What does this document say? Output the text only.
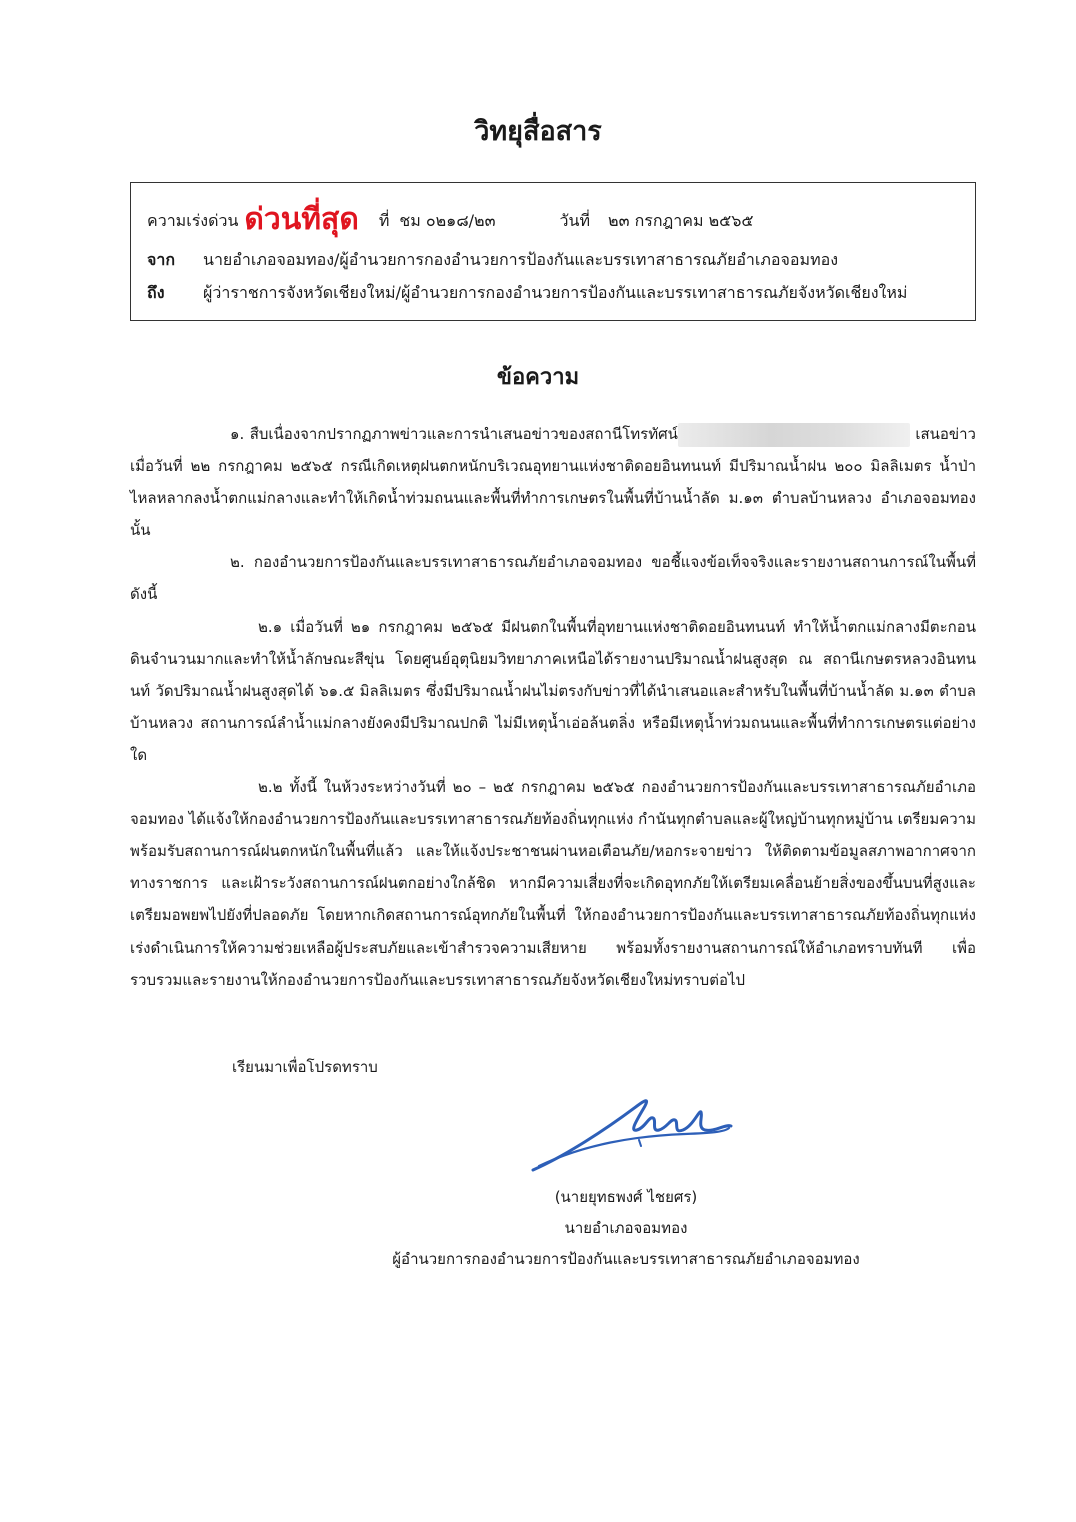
วิทยุสื่อสาร
ความเร่งด่วน ด่วนที่สุด ที่ ชม ๐๒๑๘/๒๓	วันที่ ๒๓ กรกฎาคม ๒๕๖๕
จาก	นายอำเภอจอมทอง/ผู้อำนวยการกองอำนวยการป้องกันและบรรเทาสาธารณภัยอำเภอจอมทอง
ถึง	ผู้ว่าราชการจังหวัดเชียงใหม่/ผู้อำนวยการกองอำนวยการป้องกันและบรรเทาสาธารณภัยจังหวัดเชียงใหม่
ข้อความ

๑. สืบเนื่องจากปรากฏภาพข่าวและการนำเสนอข่าวของสถานีโทรทัศน์	เสนอข่าวเมื่อวันที่ ๒๒ กรกฎาคม ๒๕๖๕ กรณีเกิดเหตุฝนตกหนักบริเวณอุทยานแห่งชาติดอยอินทนนท์ มีปริมาณน้ำฝน ๒๐๐ มิลลิเมตร น้ำป่าไหลหลากลงน้ำตกแม่กลางและทำให้เกิดน้ำท่วมถนนและพื้นที่ทำการเกษตรในพื้นที่บ้านน้ำลัด ม.๑๓ ตำบลบ้านหลวง อำเภอจอมทอง นั้น

๒. กองอำนวยการป้องกันและบรรเทาสาธารณภัยอำเภอจอมทอง ขอชี้แจงข้อเท็จจริงและรายงานสถานการณ์ในพื้นที่ ดังนี้

๒.๑ เมื่อวันที่ ๒๑ กรกฎาคม ๒๕๖๕ มีฝนตกในพื้นที่อุทยานแห่งชาติดอยอินทนนท์ ทำให้น้ำตกแม่กลางมีตะกอนดินจำนวนมากและทำให้น้ำลักษณะสีขุ่น โดยศูนย์อุตุนิยมวิทยาภาคเหนือได้รายงานปริมาณน้ำฝนสูงสุด ณ สถานีเกษตรหลวงอินทนนท์ วัดปริมาณน้ำฝนสูงสุดได้ ๖๑.๕ มิลลิเมตร ซึ่งมีปริมาณน้ำฝนไม่ตรงกับข่าวที่ได้นำเสนอและสำหรับในพื้นที่บ้านน้ำลัด ม.๑๓ ตำบลบ้านหลวง สถานการณ์ลำน้ำแม่กลางยังคงมีปริมาณปกติ ไม่มีเหตุน้ำเอ่อล้นตลิ่ง หรือมีเหตุน้ำท่วมถนนและพื้นที่ทำการเกษตรแต่อย่างใด

๒.๒ ทั้งนี้ ในห้วงระหว่างวันที่ ๒๐ – ๒๕ กรกฎาคม ๒๕๖๕ กองอำนวยการป้องกันและบรรเทาสาธารณภัยอำเภอจอมทอง ได้แจ้งให้กองอำนวยการป้องกันและบรรเทาสาธารณภัยท้องถิ่นทุกแห่ง กำนันทุกตำบลและผู้ใหญ่บ้านทุกหมู่บ้าน เตรียมความพร้อมรับสถานการณ์ฝนตกหนักในพื้นที่แล้ว และให้แจ้งประชาชนผ่านหอเตือนภัย/หอกระจายข่าว ให้ติดตามข้อมูลสภาพอากาศจากทางราชการ และเฝ้าระวังสถานการณ์ฝนตกอย่างใกล้ชิด หากมีความเสี่ยงที่จะเกิดอุทกภัยให้เตรียมเคลื่อนย้ายสิ่งของขึ้นบนที่สูงและเตรียมอพยพไปยังที่ปลอดภัย โดยหากเกิดสถานการณ์อุทกภัยในพื้นที่ ให้กองอำนวยการป้องกันและบรรเทาสาธารณภัยท้องถิ่นทุกแห่งเร่งดำเนินการให้ความช่วยเหลือผู้ประสบภัยและเข้าสำรวจความเสียหาย พร้อมทั้งรายงานสถานการณ์ให้อำเภอทราบทันที เพื่อรวบรวมและรายงานให้กองอำนวยการป้องกันและบรรเทาสาธารณภัยจังหวัดเชียงใหม่ทราบต่อไป

เรียนมาเพื่อโปรดทราบ
(นายยุทธพงศ์ ไชยศร)
นายอำเภอจอมทอง
ผู้อำนวยการกองอำนวยการป้องกันและบรรเทาสาธารณภัยอำเภอจอมทอง
